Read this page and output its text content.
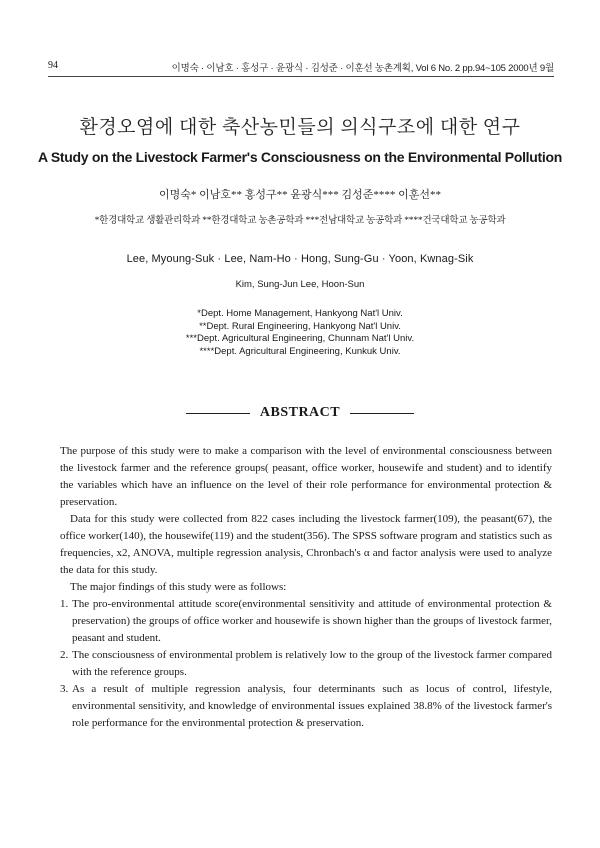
94	이명숙 · 이남호 · 홍성구 · 윤광식 · 김성준 · 이훈선 농촌계획, Vol 6 No. 2 pp.94~105 2000년 9월
환경오염에 대한 축산농민들의 의식구조에 대한 연구
A Study on the Livestock Farmer's Consciousness on the Environmental Pollution
이명숙* 이남호** 홍성구** 윤광식*** 김성준**** 이훈선**
*한경대학교 생활관리학과 **한경대학교 농촌공학과 ***전남대학교 농공학과 ****건국대학교 농공학과
Lee, Myoung-Suk · Lee, Nam-Ho · Hong, Sung-Gu · Yoon, Kwnag-Sik
Kim, Sung-Jun Lee, Hoon-Sun
*Dept. Home Management, Hankyong Nat'l Univ.
**Dept. Rural Engineering, Hankyong Nat'l Univ.
***Dept. Agricultural Engineering, Chunnam Nat'l Univ.
****Dept. Agricultural Engineering, Kunkuk Univ.
ABSTRACT

The purpose of this study were to make a comparison with the level of environmental consciousness between the livestock farmer and the reference groups( peasant, office worker, housewife and student) and to identify the variables which have an influence on the level of their role performance for environmental protection & preservation.

Data for this study were collected from 822 cases including the livestock farmer(109), the peasant(67), the office worker(140), the housewife(119) and the student(356). The SPSS software program and statistics such as frequencies, x2, ANOVA, multiple regression analysis, Chronbach's α and factor analysis were used to analyze the data for this study.

The major findings of this study were as follows:

1. The pro-environmental attitude score(environmental sensitivity and attitude of environmental protection & preservation) the groups of office worker and housewife is shown higher than the groups of livestock farmer, peasant and student.
2. The consciousness of environmental problem is relatively low to the group of the livestock farmer compared with the reference groups.
3. As a result of multiple regression analysis, four determinants such as locus of control, lifestyle, environmental sensitivity, and knowledge of environmental issues explained 38.8% of the livestock farmer's role performance for the environmental protection & preservation.
